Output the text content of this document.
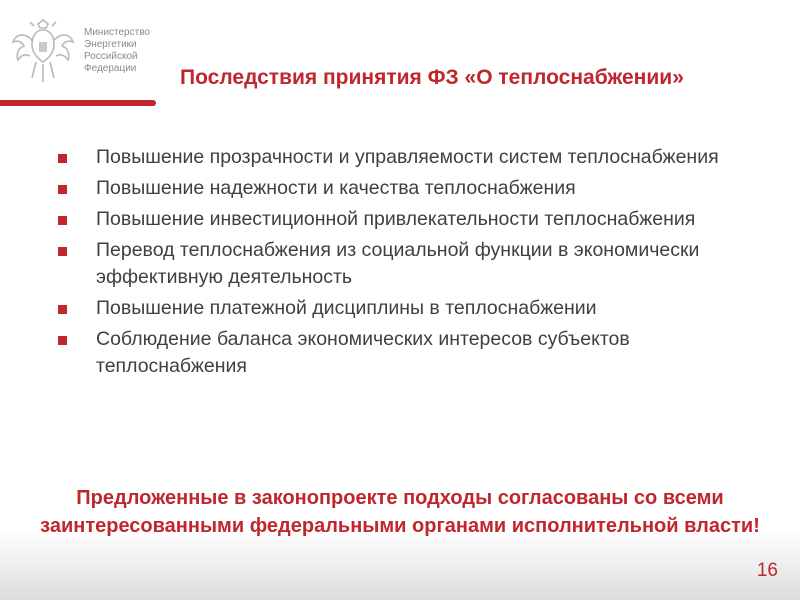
Министерство
Энергетики
Российской
Федерации	Последствия принятия ФЗ «О теплоснабжении»
Повышение прозрачности и управляемости систем теплоснабжения
Повышение надежности и качества теплоснабжения
Повышение инвестиционной привлекательности теплоснабжения
Перевод теплоснабжения из социальной функции в экономически эффективную деятельность
Повышение платежной дисциплины в теплоснабжении
Соблюдение баланса экономических интересов субъектов теплоснабжения
Предложенные в законопроекте подходы согласованы со всеми заинтересованными федеральными органами исполнительной власти!
16
